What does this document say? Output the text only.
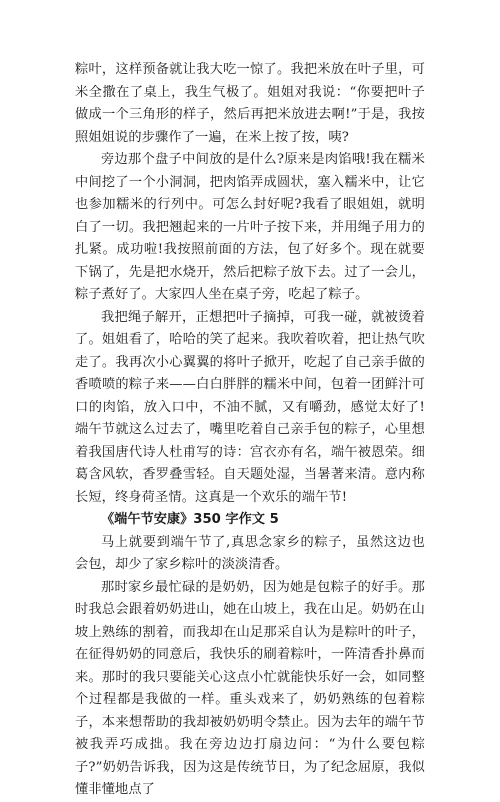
粽叶，这样预备就让我大吃一惊了。我把米放在叶子里，可米全撒在了桌上，我生气极了。姐姐对我说：“你要把叶子做成一个三角形的样子，然后再把米放进去啊!”于是，我按照姐姐说的步骤作了一遍，在米上按了按，咦?

旁边那个盘子中间放的是什么?原来是肉馅哦!我在糯米中间挖了一个小洞洞，把肉馅弄成圆状，塞入糯米中，让它也参加糯米的行列中。可怎么封好呢?我看了眼姐姐，就明白了一切。我把翘起来的一片叶子按下来，并用绳子用力的扎紧。成功啦!我按照前面的方法，包了好多个。现在就要下锅了，先是把水烧开，然后把粽子放下去。过了一会儿，粽子煮好了。大家四人坐在桌子旁，吃起了粽子。

我把绳子解开，正想把叶子摘掉，可我一碰，就被烫着了。姐姐看了，哈哈的笑了起来。我吹着吹着，把让热气吹走了。我再次小心翼翼的将叶子掀开，吃起了自己亲手做的香喷喷的粽子来——白白胖胖的糯米中间，包着一团鲜汁可口的肉馅，放入口中，不油不腻，又有嚼劲，感觉太好了!端午节就这么过去了，嘴里吃着自己亲手包的粽子，心里想着我国唐代诗人杜甫写的诗：宫衣亦有名，端午被恩荣。细葛含风软，香罗叠雪轻。自天题处湿，当暑著来清。意内称长短，终身荷圣情。这真是一个欢乐的端午节!

《端午节安康》350 字作文 5

马上就要到端午节了,真思念家乡的粽子，虽然这边也会包，却少了家乡粽叶的淡淡清香。

那时家乡最忙碌的是奶奶，因为她是包粽子的好手。那时我总会跟着奶奶进山，她在山坡上，我在山足。奶奶在山坡上熟练的割着，而我却在山足那采自认为是粽叶的叶子，在征得奶奶的同意后，我快乐的刷着粽叶，一阵清香扑鼻而来。那时的我只要能关心这点小忙就能快乐好一会，如同整个过程都是我做的一样。重头戏来了，奶奶熟练的包着粽子，本来想帮助的我却被奶奶明令禁止。因为去年的端午节被我弄巧成拙。我在旁边边打扇边问：“为什么要包粽子?”奶奶告诉我，因为这是传统节日，为了纪念屈原，我似懂非懂地点了
